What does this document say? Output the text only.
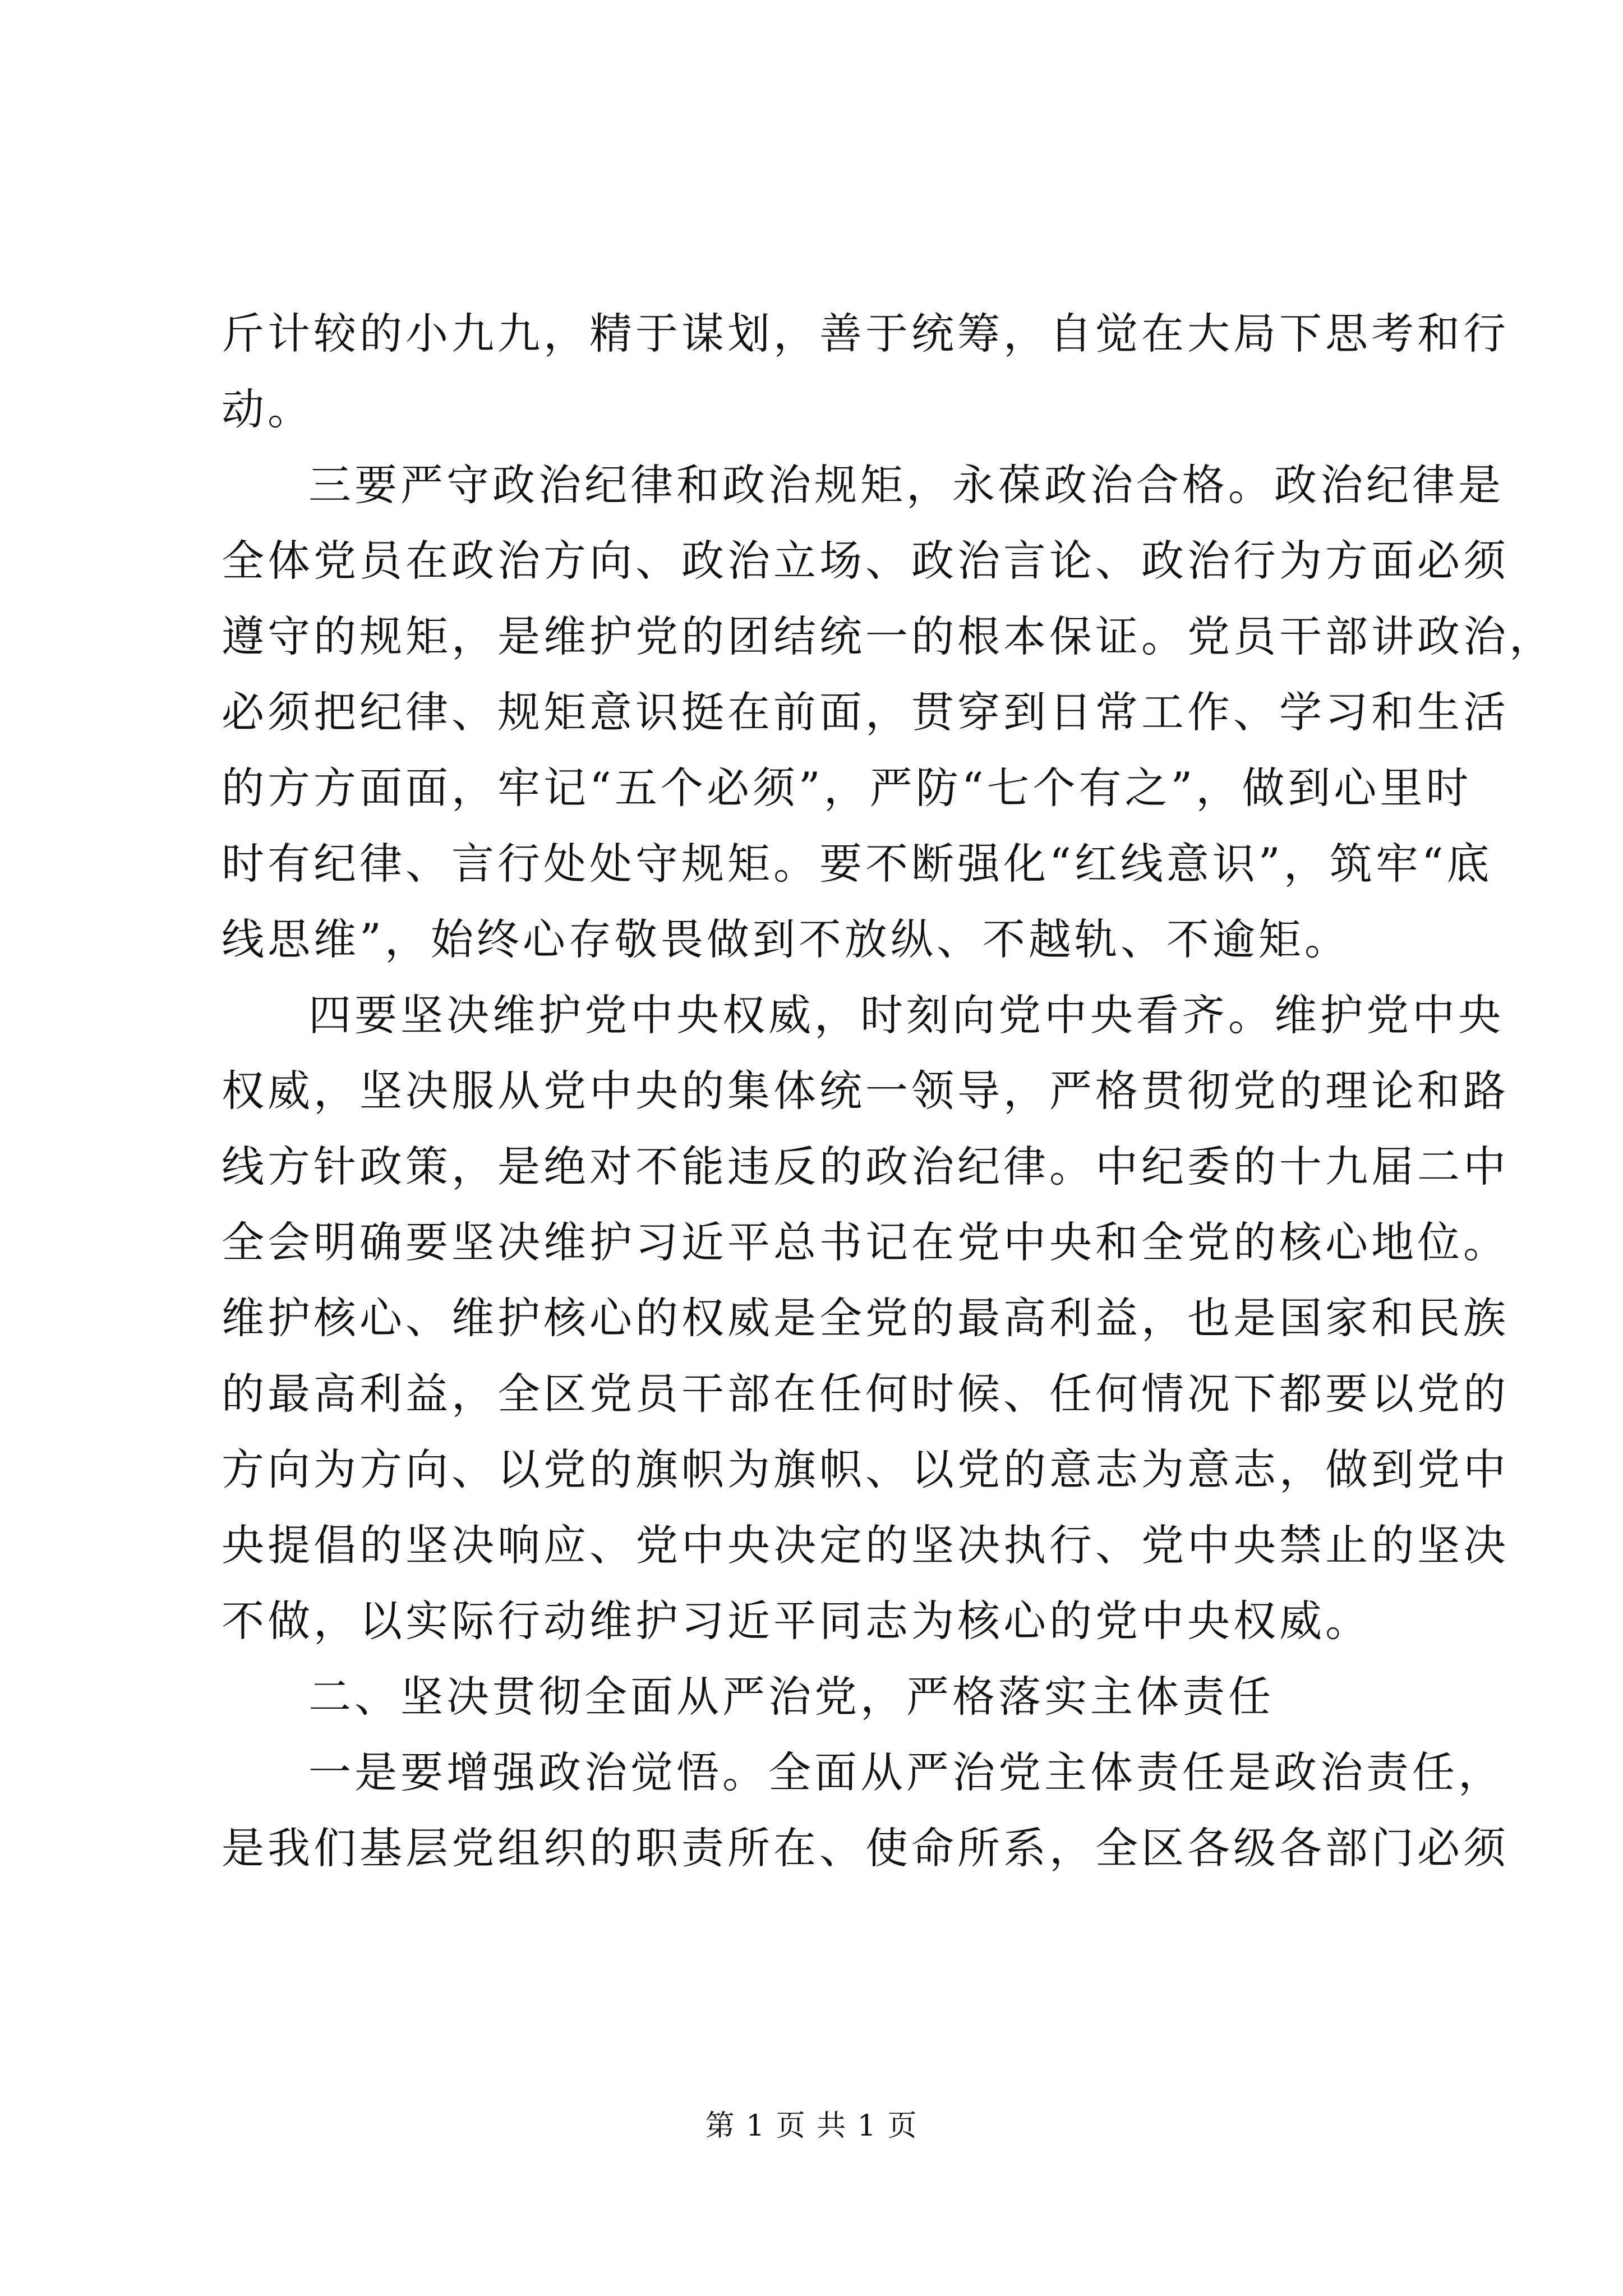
斤计较的小九九，精于谋划，善于统筹，自觉在大局下思考和行
动。
三要严守政治纪律和政治规矩，永葆政治合格。政治纪律是
全体党员在政治方向、政治立场、政治言论、政治行为方面必须
遵守的规矩，是维护党的团结统一的根本保证。党员干部讲政治，
必须把纪律、规矩意识挺在前面，贯穿到日常工作、学习和生活
的方方面面，牢记“五个必须”，严防“七个有之”，做到心里时
时有纪律、言行处处守规矩。要不断强化“红线意识”，筑牢“底
线思维”，始终心存敬畏做到不放纵、不越轨、不逾矩。
四要坚决维护党中央权威，时刻向党中央看齐。维护党中央
权威，坚决服从党中央的集体统一领导，严格贯彻党的理论和路
线方针政策，是绝对不能违反的政治纪律。中纪委的十九届二中
全会明确要坚决维护习近平总书记在党中央和全党的核心地位。
维护核心、维护核心的权威是全党的最高利益，也是国家和民族
的最高利益，全区党员干部在任何时候、任何情况下都要以党的
方向为方向、以党的旗帜为旗帜、以党的意志为意志，做到党中
央提倡的坚决响应、党中央决定的坚决执行、党中央禁止的坚决
不做，以实际行动维护习近平同志为核心的党中央权威。
二、坚决贯彻全面从严治党，严格落实主体责任
一是要增强政治觉悟。全面从严治党主体责任是政治责任，
是我们基层党组织的职责所在、使命所系，全区各级各部门必须
第 1 页 共 1 页
